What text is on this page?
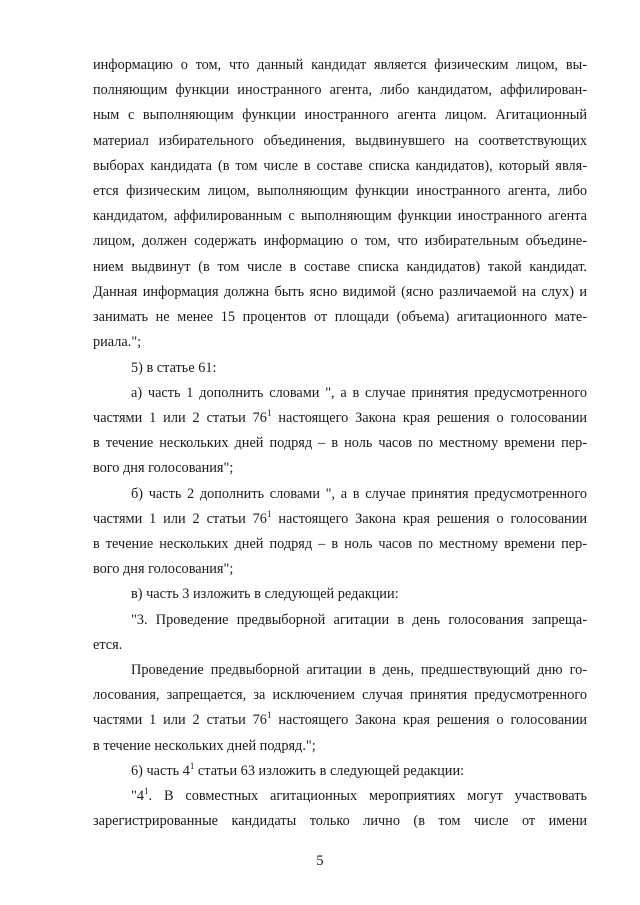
информацию о том, что данный кандидат является физическим лицом, вы-
полняющим функции иностранного агента, либо кандидатом, аффилирован-
ным с выполняющим функции иностранного агента лицом. Агитационный
материал избирательного объединения, выдвинувшего на соответствующих
выборах кандидата (в том числе в составе списка кандидатов), который явля-
ется физическим лицом, выполняющим функции иностранного агента, либо
кандидатом, аффилированным с выполняющим функции иностранного агента
лицом, должен содержать информацию о том, что избирательным объедине-
нием выдвинут (в том числе в составе списка кандидатов) такой кандидат.
Данная информация должна быть ясно видимой (ясно различаемой на слух) и
занимать не менее 15 процентов от площади (объема) агитационного мате-
риала.";
5) в статье 61:
а) часть 1 дополнить словами ", а в случае принятия предусмотренного
частями 1 или 2 статьи $76^1$ настоящего Закона края решения о голосовании
в течение нескольких дней подряд – в ноль часов по местному времени пер-
вого дня голосования";
б) часть 2 дополнить словами ", а в случае принятия предусмотренного
частями 1 или 2 статьи $76^1$ настоящего Закона края решения о голосовании
в течение нескольких дней подряд – в ноль часов по местному времени пер-
вого дня голосования";
в) часть 3 изложить в следующей редакции:
"3. Проведение предвыборной агитации в день голосования запреща-
ется.
Проведение предвыборной агитации в день, предшествующий дню го-
лосования, запрещается, за исключением случая принятия предусмотренного
частями 1 или 2 статьи $76^1$ настоящего Закона края решения о голосовании
в течение нескольких дней подряд.";
6) часть $4^1$ статьи 63 изложить в следующей редакции:
"$4^1$. В совместных агитационных мероприятиях могут участвовать
зарегистрированные кандидаты только лично (в том числе от имени
5
